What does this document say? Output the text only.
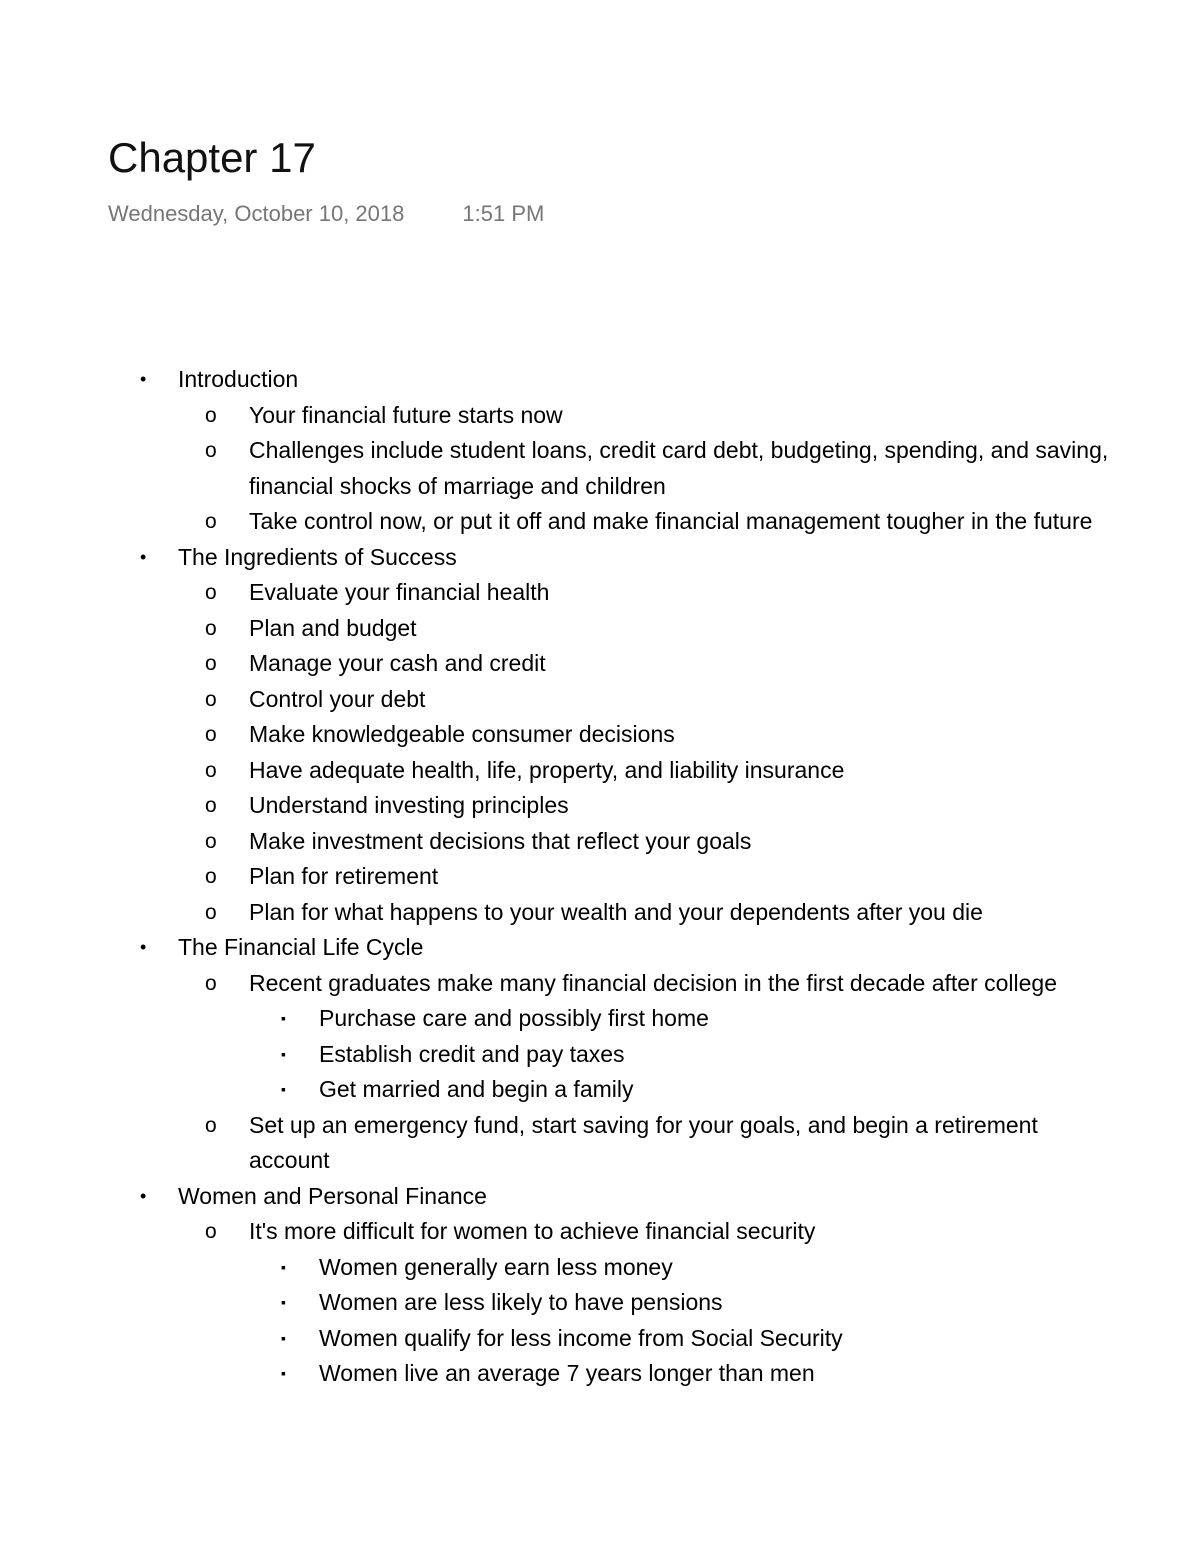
Chapter 17
Wednesday, October 10, 2018	1:51 PM
• Introduction
o Your financial future starts now
o Challenges include student loans, credit card debt, budgeting, spending, and saving, financial shocks of marriage and children
o Take control now, or put it off and make financial management tougher in the future
• The Ingredients of Success
o Evaluate your financial health
o Plan and budget
o Manage your cash and credit
o Control your debt
o Make knowledgeable consumer decisions
o Have adequate health, life, property, and liability insurance
o Understand investing principles
o Make investment decisions that reflect your goals
o Plan for retirement
o Plan for what happens to your wealth and your dependents after you die
• The Financial Life Cycle
o Recent graduates make many financial decision in the first decade after college
▪ Purchase care and possibly first home
▪ Establish credit and pay taxes
▪ Get married and begin a family
o Set up an emergency fund, start saving for your goals, and begin a retirement account
• Women and Personal Finance
o It's more difficult for women to achieve financial security
▪ Women generally earn less money
▪ Women are less likely to have pensions
▪ Women qualify for less income from Social Security
▪ Women live an average 7 years longer than men
